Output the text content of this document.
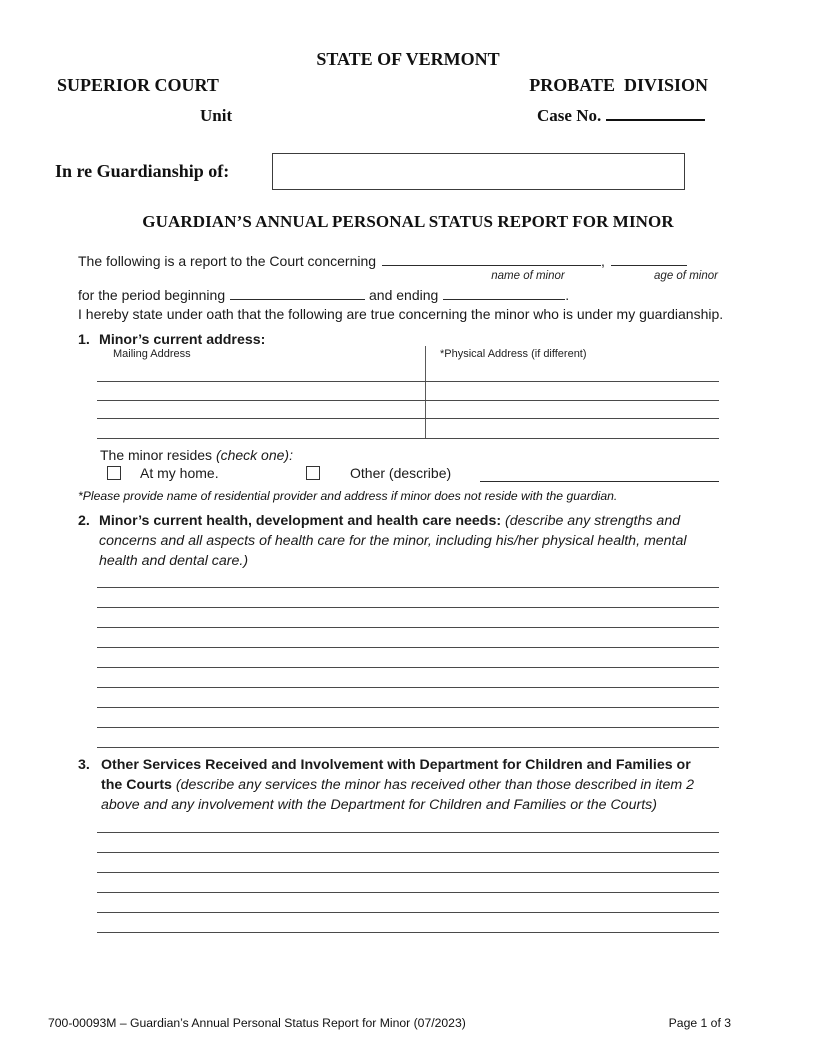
STATE OF VERMONT
SUPERIOR COURT	PROBATE  DIVISION
Unit	Case No.
In re Guardianship of:
GUARDIAN’S ANNUAL PERSONAL STATUS REPORT FOR MINOR
The following is a report to the Court concerning	,
name of minor	age of minor
for the period beginning
	and ending	.
I hereby state under oath that the following are true concerning the minor who is under my guardianship.
1. Minor’s current address:
Mailing Address	*Physical Address (if different)
The minor resides (check one):
At my home.	Other (describe)
*Please provide name of residential provider and address if minor does not reside with the guardian.
2. Minor’s current health, development and health care needs: (describe any strengths and concerns and all aspects of health care for the minor, including his/her physical health, mental health and dental care.)
3. Other Services Received and Involvement with Department for Children and Families or the Courts (describe any services the minor has received other than those described in item 2 above and any involvement with the Department for Children and Families or the Courts)
700-00093M – Guardian’s Annual Personal Status Report for Minor (07/2023)	Page 1 of 3
